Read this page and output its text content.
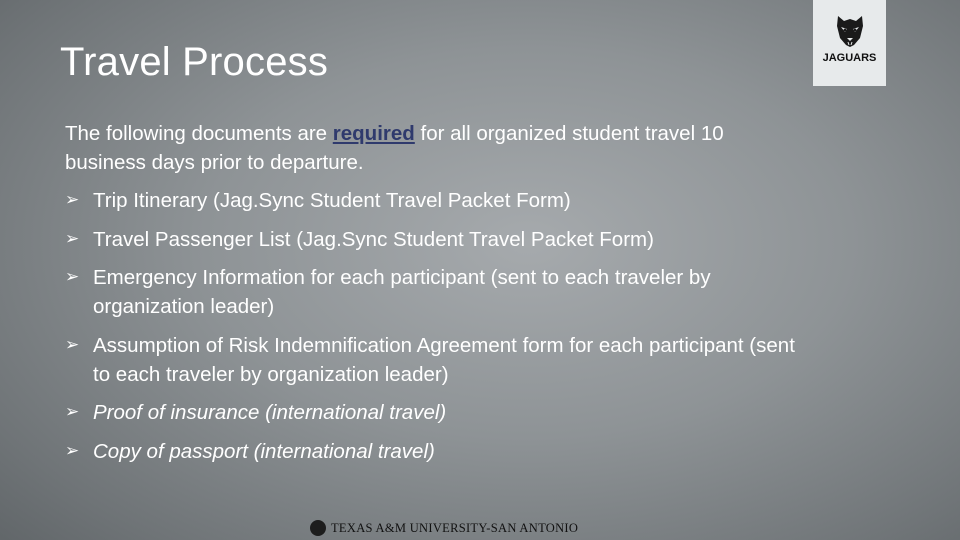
Travel Process	JAGUARS

The following documents are required for all organized student travel 10 business days prior to departure.

➢ Trip Itinerary (Jag.Sync Student Travel Packet Form)
➢ Travel Passenger List (Jag.Sync Student Travel Packet Form)
➢ Emergency Information for each participant (sent to each traveler by organization leader)
➢ Assumption of Risk Indemnification Agreement form for each participant (sent to each traveler by organization leader)
➢ Proof of insurance (international travel)
➢ Copy of passport (international travel)
TEXAS A&M UNIVERSITY-SAN ANTONIO
